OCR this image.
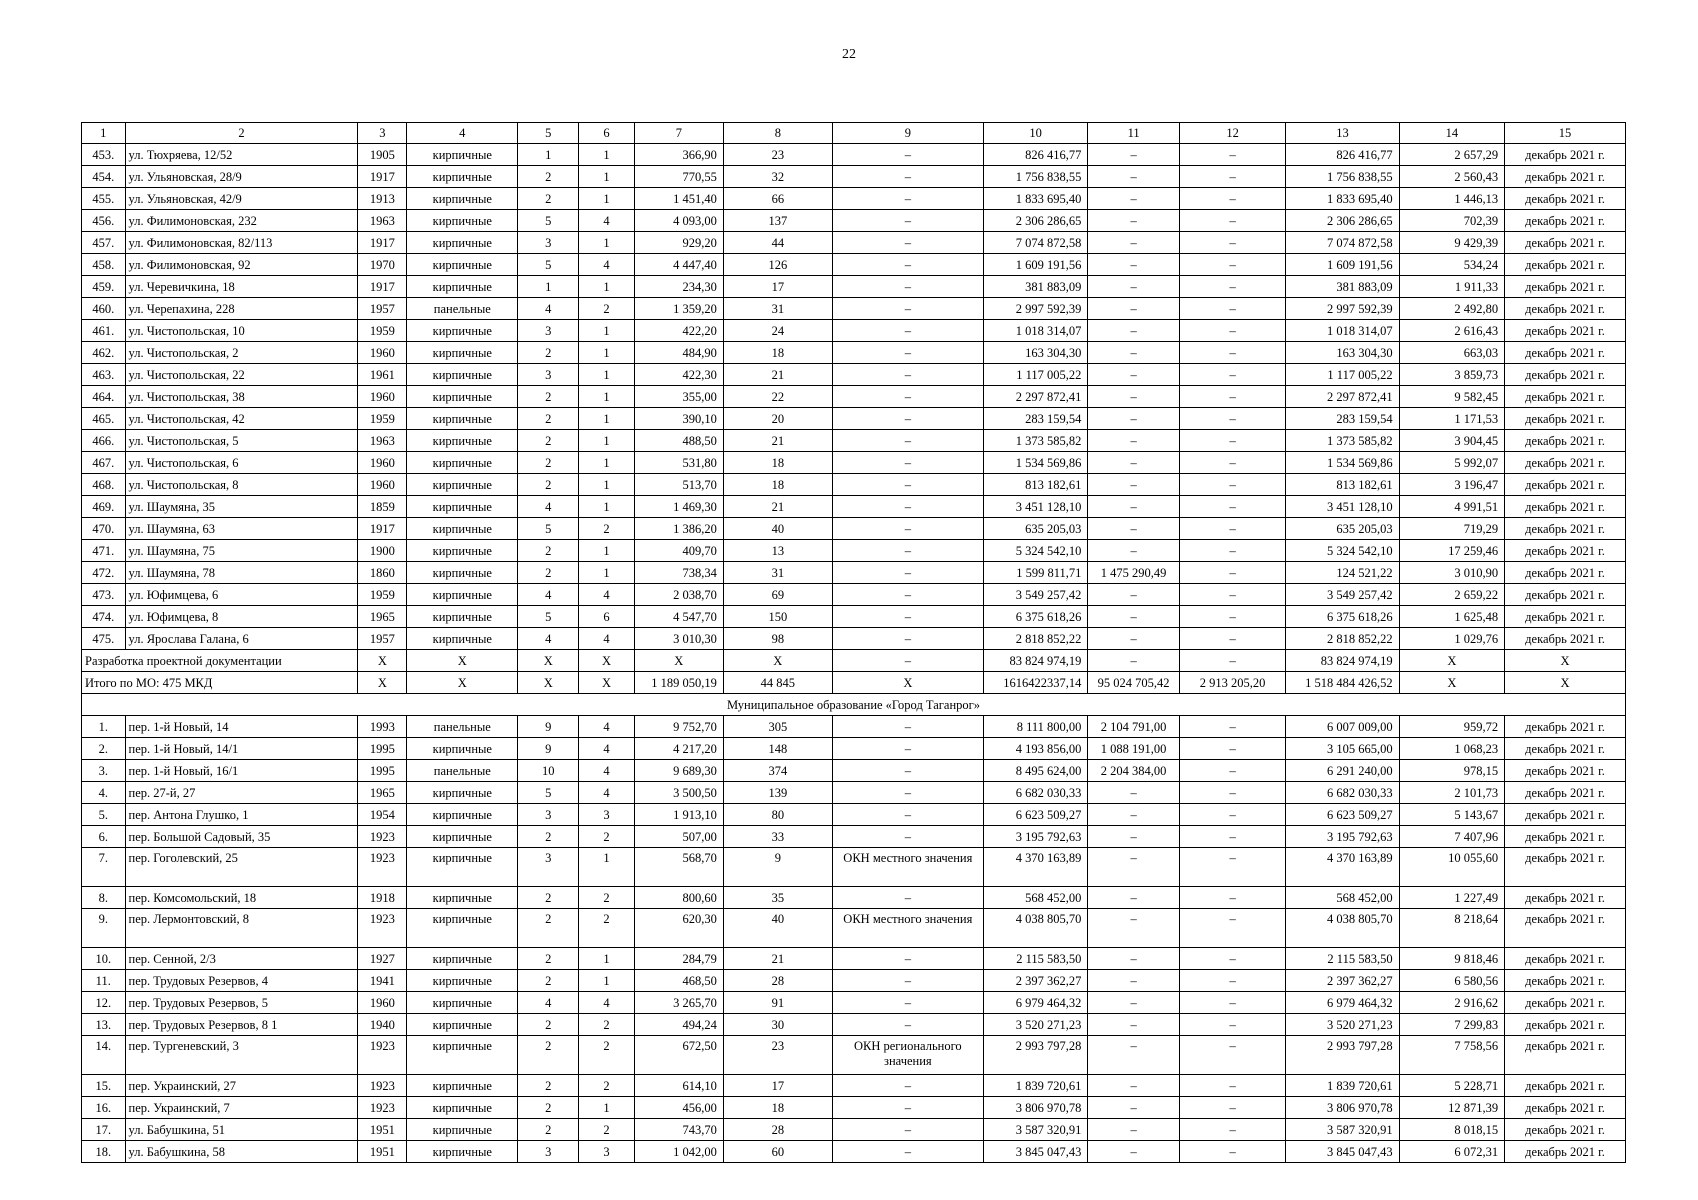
22
1	2	3	4	5	6	7	8	9	10	11	12	13	14	15
453.	ул. Тюхряева, 12/52	1905	кирпичные	1	1	366,90	23	–	826 416,77	–	–	826 416,77	2 657,29	декабрь 2021 г.
454.	ул. Ульяновская, 28/9	1917	кирпичные	2	1	770,55	32	–	1 756 838,55	–	–	1 756 838,55	2 560,43	декабрь 2021 г.
455.	ул. Ульяновская, 42/9	1913	кирпичные	2	1	1 451,40	66	–	1 833 695,40	–	–	1 833 695,40	1 446,13	декабрь 2021 г.
456.	ул. Филимоновская, 232	1963	кирпичные	5	4	4 093,00	137	–	2 306 286,65	–	–	2 306 286,65	702,39	декабрь 2021 г.
457.	ул. Филимоновская, 82/113	1917	кирпичные	3	1	929,20	44	–	7 074 872,58	–	–	7 074 872,58	9 429,39	декабрь 2021 г.
458.	ул. Филимоновская, 92	1970	кирпичные	5	4	4 447,40	126	–	1 609 191,56	–	–	1 609 191,56	534,24	декабрь 2021 г.
459.	ул. Черевичкина, 18	1917	кирпичные	1	1	234,30	17	–	381 883,09	–	–	381 883,09	1 911,33	декабрь 2021 г.
460.	ул. Черепахина, 228	1957	панельные	4	2	1 359,20	31	–	2 997 592,39	–	–	2 997 592,39	2 492,80	декабрь 2021 г.
461.	ул. Чистопольская, 10	1959	кирпичные	3	1	422,20	24	–	1 018 314,07	–	–	1 018 314,07	2 616,43	декабрь 2021 г.
462.	ул. Чистопольская, 2	1960	кирпичные	2	1	484,90	18	–	163 304,30	–	–	163 304,30	663,03	декабрь 2021 г.
463.	ул. Чистопольская, 22	1961	кирпичные	3	1	422,30	21	–	1 117 005,22	–	–	1 117 005,22	3 859,73	декабрь 2021 г.
464.	ул. Чистопольская, 38	1960	кирпичные	2	1	355,00	22	–	2 297 872,41	–	–	2 297 872,41	9 582,45	декабрь 2021 г.
465.	ул. Чистопольская, 42	1959	кирпичные	2	1	390,10	20	–	283 159,54	–	–	283 159,54	1 171,53	декабрь 2021 г.
466.	ул. Чистопольская, 5	1963	кирпичные	2	1	488,50	21	–	1 373 585,82	–	–	1 373 585,82	3 904,45	декабрь 2021 г.
467.	ул. Чистопольская, 6	1960	кирпичные	2	1	531,80	18	–	1 534 569,86	–	–	1 534 569,86	5 992,07	декабрь 2021 г.
468.	ул. Чистопольская, 8	1960	кирпичные	2	1	513,70	18	–	813 182,61	–	–	813 182,61	3 196,47	декабрь 2021 г.
469.	ул. Шаумяна, 35	1859	кирпичные	4	1	1 469,30	21	–	3 451 128,10	–	–	3 451 128,10	4 991,51	декабрь 2021 г.
470.	ул. Шаумяна, 63	1917	кирпичные	5	2	1 386,20	40	–	635 205,03	–	–	635 205,03	719,29	декабрь 2021 г.
471.	ул. Шаумяна, 75	1900	кирпичные	2	1	409,70	13	–	5 324 542,10	–	–	5 324 542,10	17 259,46	декабрь 2021 г.
472.	ул. Шаумяна, 78	1860	кирпичные	2	1	738,34	31	–	1 599 811,71	1 475 290,49	–	124 521,22	3 010,90	декабрь 2021 г.
473.	ул. Юфимцева, 6	1959	кирпичные	4	4	2 038,70	69	–	3 549 257,42	–	–	3 549 257,42	2 659,22	декабрь 2021 г.
474.	ул. Юфимцева, 8	1965	кирпичные	5	6	4 547,70	150	–	6 375 618,26	–	–	6 375 618,26	1 625,48	декабрь 2021 г.
475.	ул. Ярослава Галана, 6	1957	кирпичные	4	4	3 010,30	98	–	2 818 852,22	–	–	2 818 852,22	1 029,76	декабрь 2021 г.
Разработка проектной документации		X	X	X	X	X	X	–	83 824 974,19	–	–	83 824 974,19	X	X
Итого по МО: 475 МКД		X	X	X	X	1 189 050,19	44 845	X	1616422337,14	95 024 705,42	2 913 205,20	1 518 484 426,52	X	X
Муниципальное образование «Город Таганрог»														
1.	пер. 1-й Новый, 14	1993	панельные	9	4	9 752,70	305	–	8 111 800,00	2 104 791,00	–	6 007 009,00	959,72	декабрь 2021 г.
2.	пер. 1-й Новый, 14/1	1995	кирпичные	9	4	4 217,20	148	–	4 193 856,00	1 088 191,00	–	3 105 665,00	1 068,23	декабрь 2021 г.
3.	пер. 1-й Новый, 16/1	1995	панельные	10	4	9 689,30	374	–	8 495 624,00	2 204 384,00	–	6 291 240,00	978,15	декабрь 2021 г.
4.	пер. 27-й, 27	1965	кирпичные	5	4	3 500,50	139	–	6 682 030,33	–	–	6 682 030,33	2 101,73	декабрь 2021 г.
5.	пер. Антона Глушко, 1	1954	кирпичные	3	3	1 913,10	80	–	6 623 509,27	–	–	6 623 509,27	5 143,67	декабрь 2021 г.
6.	пер. Большой Садовый, 35	1923	кирпичные	2	2	507,00	33	–	3 195 792,63	–	–	3 195 792,63	7 407,96	декабрь 2021 г.
7.	пер. Гоголевский, 25	1923	кирпичные	3	1	568,70	9	ОКН местного значения	4 370 163,89	–	–	4 370 163,89	10 055,60	декабрь 2021 г.
8.	пер. Комсомольский, 18	1918	кирпичные	2	2	800,60	35	–	568 452,00	–	–	568 452,00	1 227,49	декабрь 2021 г.
9.	пер. Лермонтовский, 8	1923	кирпичные	2	2	620,30	40	ОКН местного значения	4 038 805,70	–	–	4 038 805,70	8 218,64	декабрь 2021 г.
10.	пер. Сенной, 2/3	1927	кирпичные	2	1	284,79	21	–	2 115 583,50	–	–	2 115 583,50	9 818,46	декабрь 2021 г.
11.	пер. Трудовых Резервов, 4	1941	кирпичные	2	1	468,50	28	–	2 397 362,27	–	–	2 397 362,27	6 580,56	декабрь 2021 г.
12.	пер. Трудовых Резервов, 5	1960	кирпичные	4	4	3 265,70	91	–	6 979 464,32	–	–	6 979 464,32	2 916,62	декабрь 2021 г.
13.	пер. Трудовых Резервов, 8 1	1940	кирпичные	2	2	494,24	30	–	3 520 271,23	–	–	3 520 271,23	7 299,83	декабрь 2021 г.
14.	пер. Тургеневский, 3	1923	кирпичные	2	2	672,50	23	ОКН регионального значения	2 993 797,28	–	–	2 993 797,28	7 758,56	декабрь 2021 г.
15.	пер. Украинский, 27	1923	кирпичные	2	2	614,10	17	–	1 839 720,61	–	–	1 839 720,61	5 228,71	декабрь 2021 г.
16.	пер. Украинский, 7	1923	кирпичные	2	1	456,00	18	–	3 806 970,78	–	–	3 806 970,78	12 871,39	декабрь 2021 г.
17.	ул. Бабушкина, 51	1951	кирпичные	2	2	743,70	28	–	3 587 320,91	–	–	3 587 320,91	8 018,15	декабрь 2021 г.
18.	ул. Бабушкина, 58	1951	кирпичные	3	3	1 042,00	60	–	3 845 047,43	–	–	3 845 047,43	6 072,31	декабрь 2021 г.
